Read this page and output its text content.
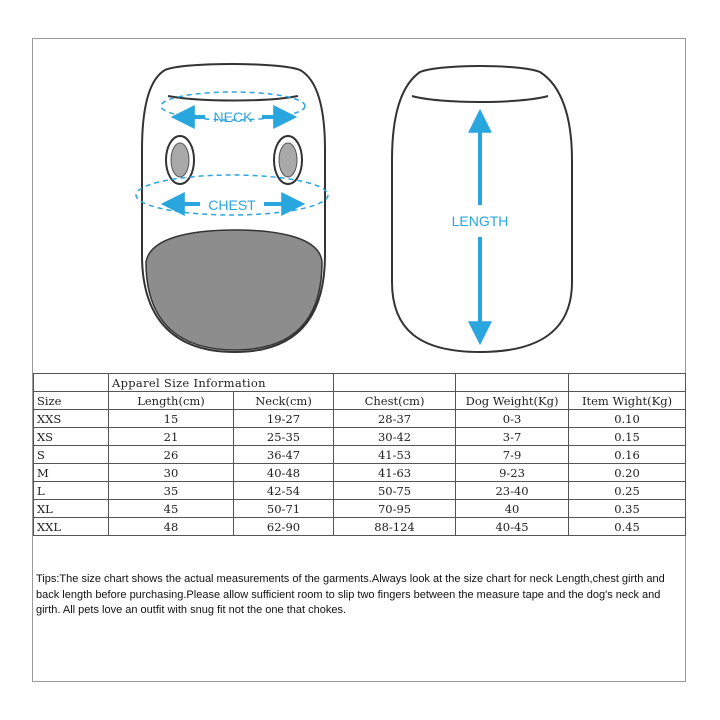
NECK
CHEST
LENGTH
	Apparel Size Information				
Size	Length(cm)	Neck(cm)	Chest(cm)	Dog Weight(Kg)	Item Wight(Kg)
XXS	15	19-27	28-37	0-3	0.10
XS	21	25-35	30-42	3-7	0.15
S	26	36-47	41-53	7-9	0.16
M	30	40-48	41-63	9-23	0.20
L	35	42-54	50-75	23-40	0.25
XL	45	50-71	70-95	40	0.35
XXL	48	62-90	88-124	40-45	0.45

Tips:The size chart shows the actual measurements of the garments.Always look at the size chart for neck Length,chest girth and back length before purchasing.Please allow sufficient room to slip two fingers between the measure tape and the dog's neck and girth. All pets love an outfit with snug fit not the one that chokes.
